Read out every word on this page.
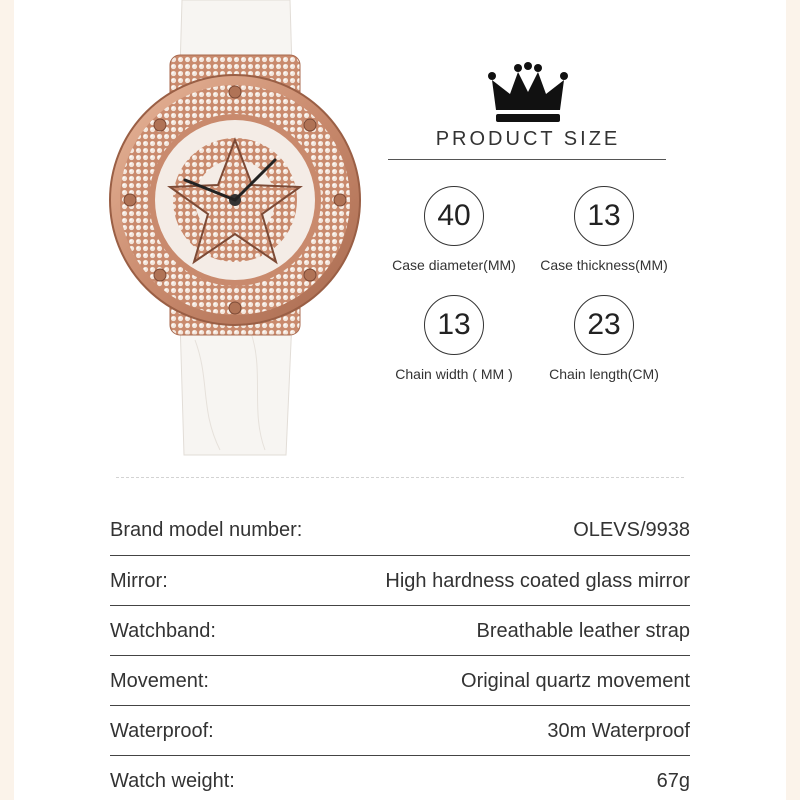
PRODUCT SIZE
40
Case diameter(MM)
13
Case thickness(MM)
13
Chain width ( MM )
23
Chain length(CM)
Brand model number:	OLEVS/9938
Mirror:	High hardness coated glass mirror
Watchband:	Breathable leather strap
Movement:	Original quartz movement
Waterproof:	30m Waterproof
Watch weight:	67g
